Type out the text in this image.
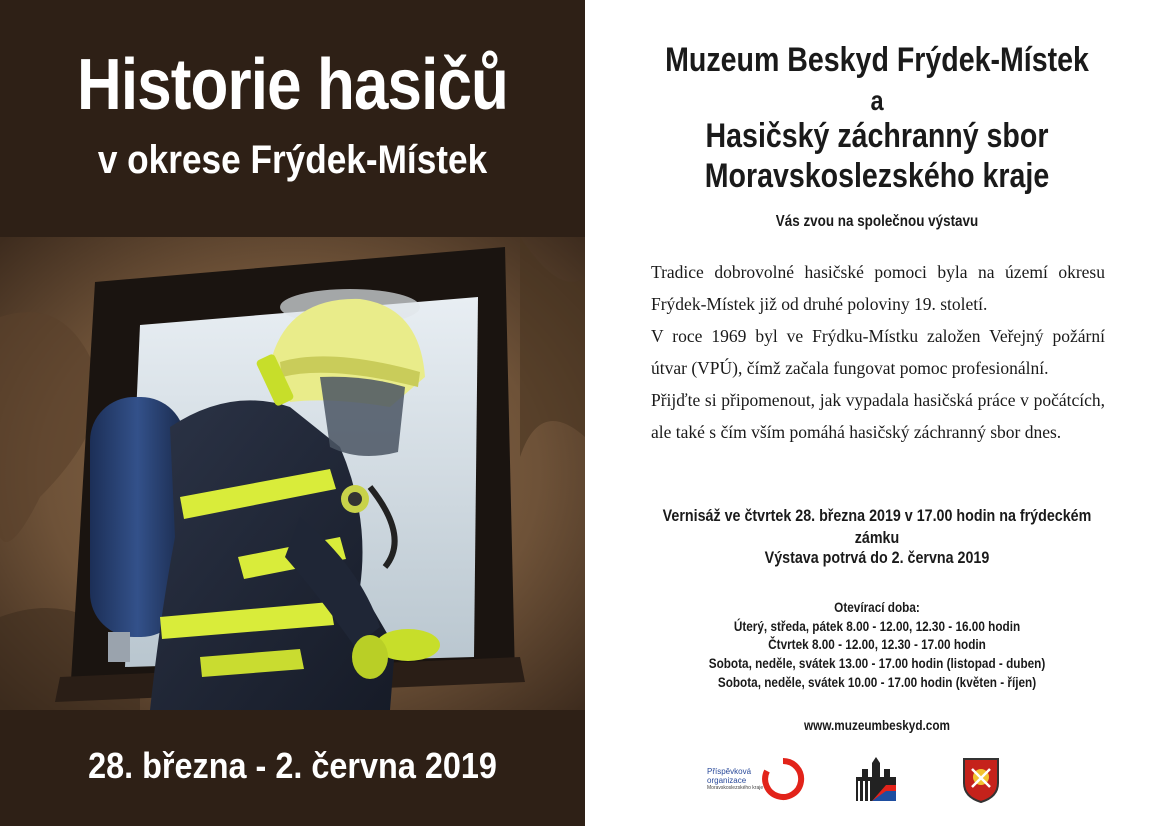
Historie hasičů
v okrese Frýdek-Místek
28. března - 2. června 2019
Muzeum Beskyd Frýdek-Místek
a
Hasičský záchranný sbor
Moravskoslezského kraje
Vás zvou na společnou výstavu

Tradice dobrovolné hasičské pomoci byla na území okresu Frýdek-Místek již od druhé poloviny 19. století.

V roce 1969 byl ve Frýdku-Místku založen Veřejný požární útvar (VPÚ), čímž začala fungovat pomoc profesionální.

Přijďte si připomenout, jak vypadala hasičská práce v počátcích, ale také s čím vším pomáhá hasičský záchranný sbor dnes.

Vernisáž ve čtvrtek 28. března 2019 v 17.00 hodin na frýdeckém zámku
Výstava potrvá do 2. června 2019
Otevírací doba:
Úterý, středa, pátek 8.00 - 12.00, 12.30 - 16.00 hodin
Čtvrtek 8.00 - 12.00, 12.30 - 17.00 hodin
Sobota, neděle, svátek 13.00 - 17.00 hodin (listopad - duben)
Sobota, neděle, svátek 10.00 - 17.00 hodin (květen - říjen)
www.muzeumbeskyd.com
Příspěvková organizace
Moravskoslezského kraje
